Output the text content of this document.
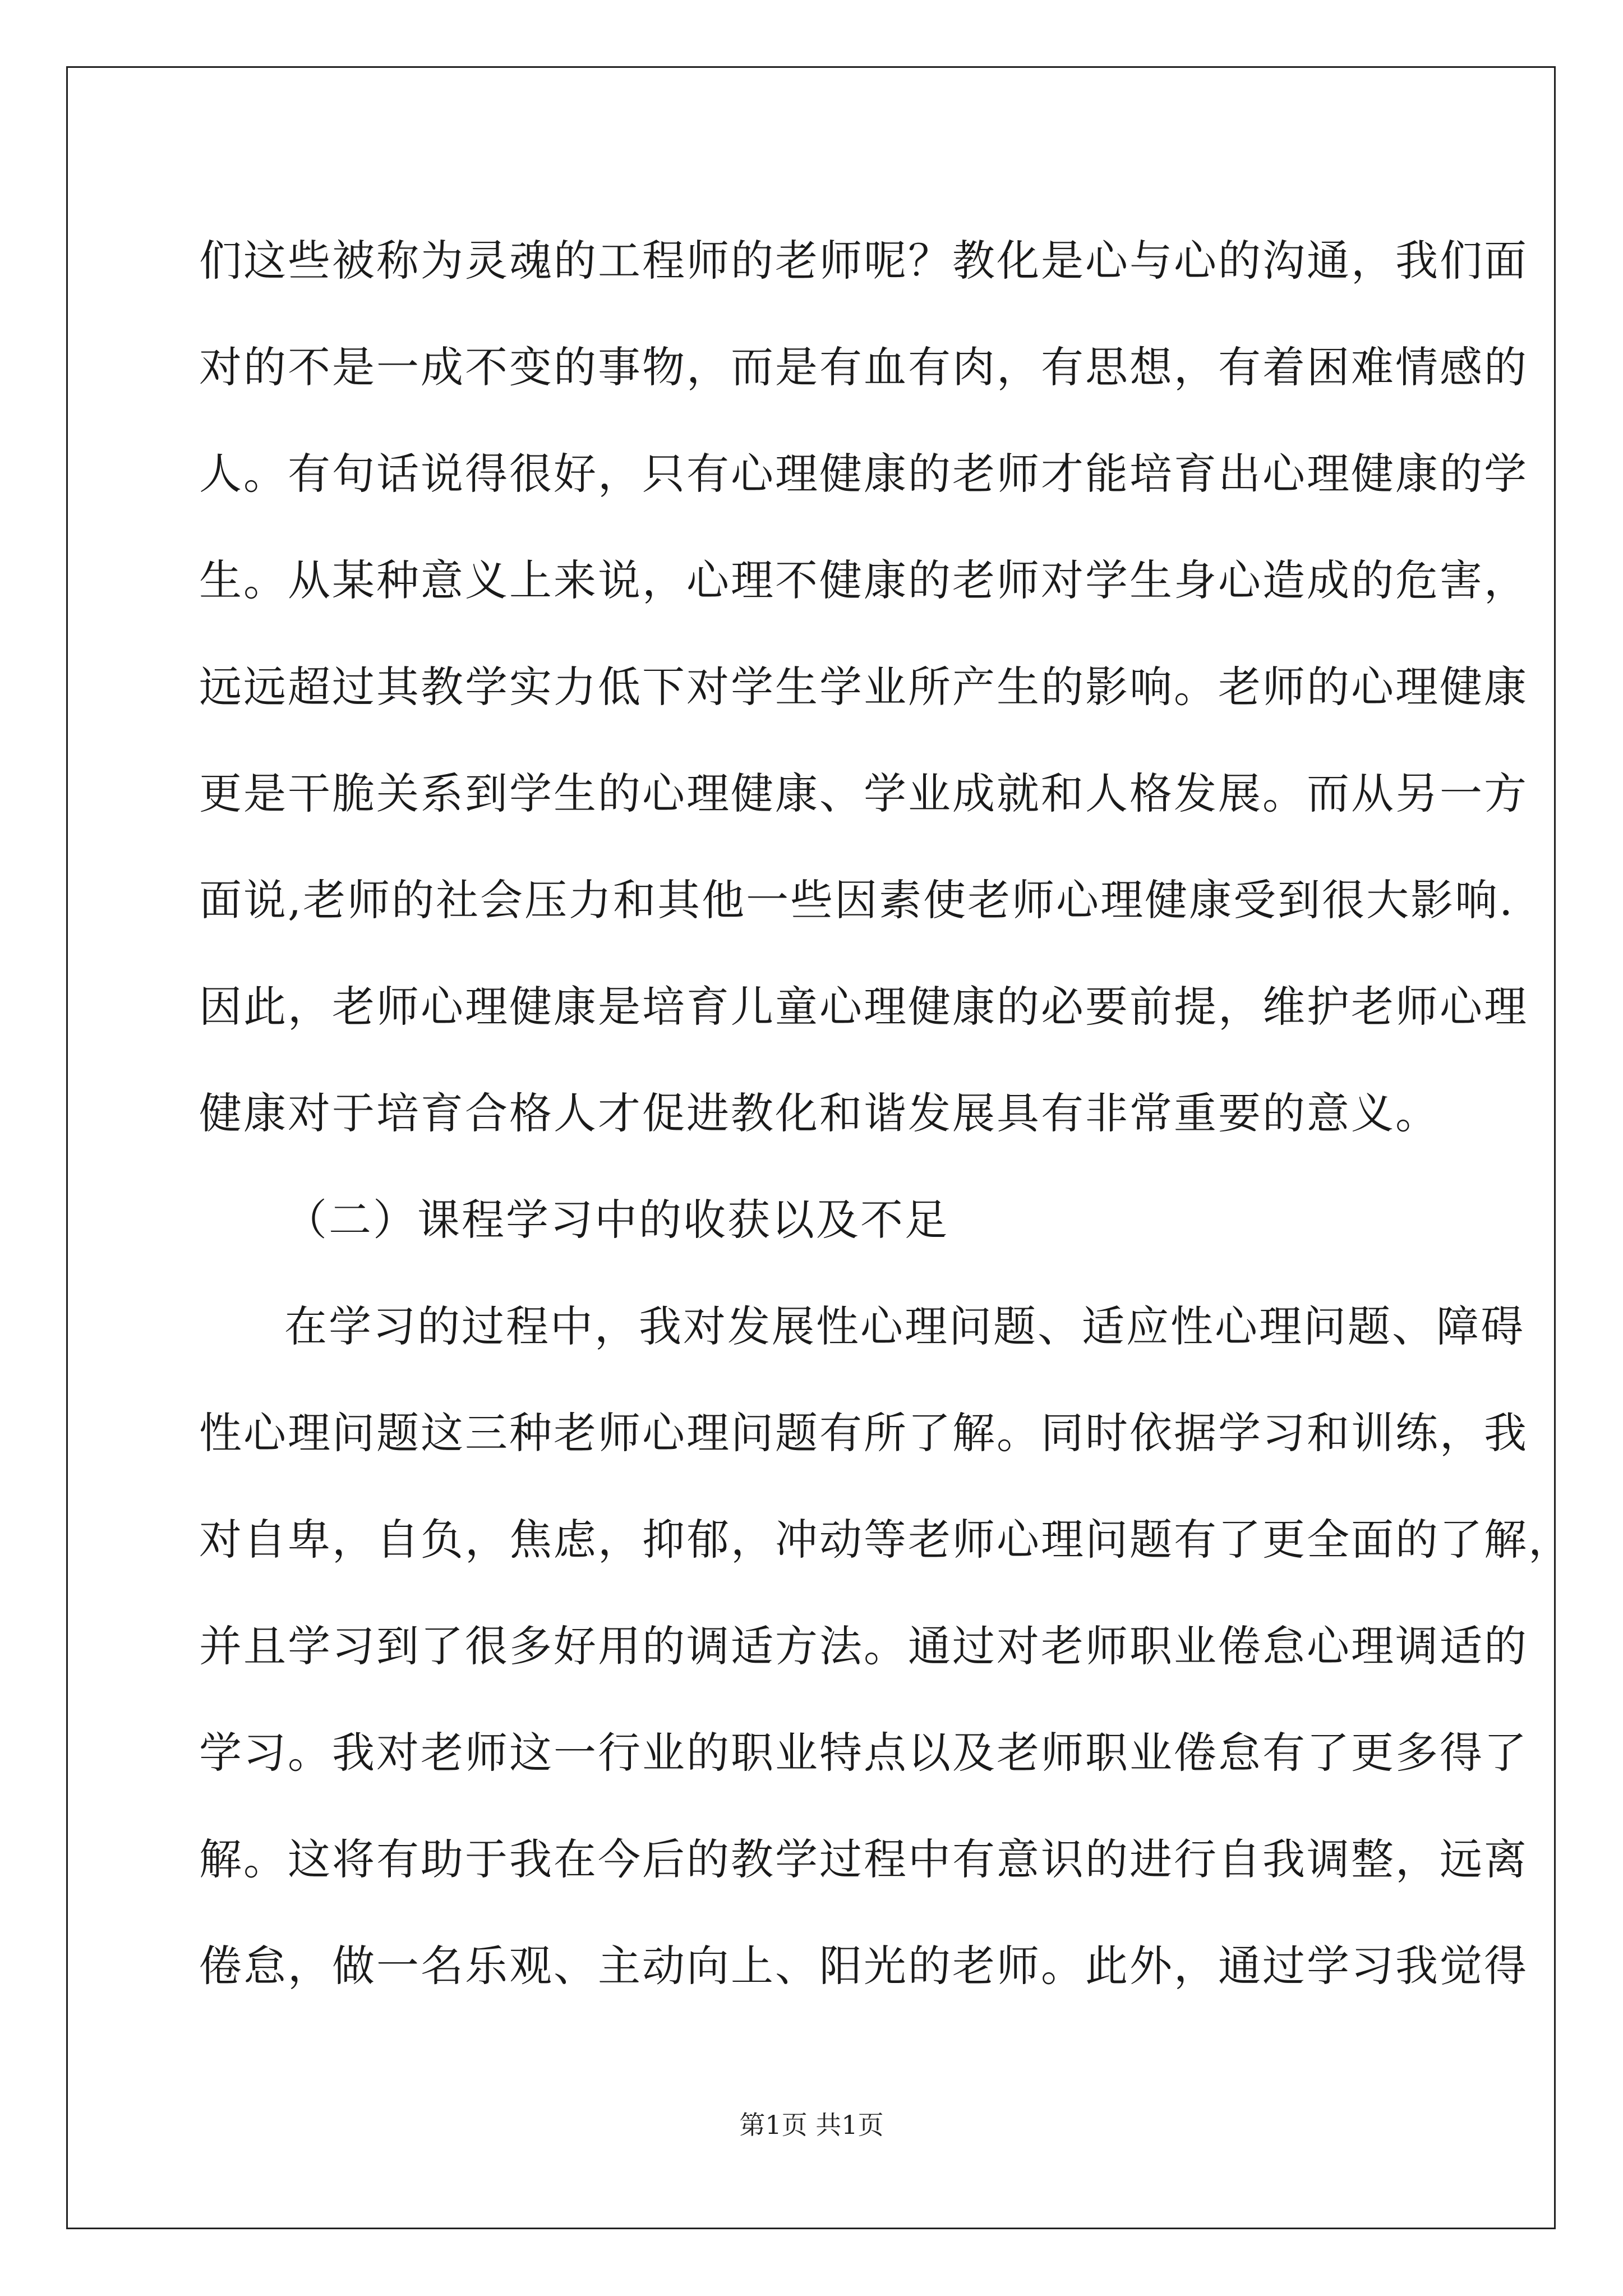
们这些被称为灵魂的工程师的老师呢？教化是心与心的沟通，我们面
对的不是一成不变的事物，而是有血有肉，有思想，有着困难情感的
人。有句话说得很好，只有心理健康的老师才能培育出心理健康的学
生。从某种意义上来说，心理不健康的老师对学生身心造成的危害，
远远超过其教学实力低下对学生学业所产生的影响。老师的心理健康
更是干脆关系到学生的心理健康、学业成就和人格发展。而从另一方
面说,老师的社会压力和其他一些因素使老师心理健康受到很大影响.
因此，老师心理健康是培育儿童心理健康的必要前提，维护老师心理
健康对于培育合格人才促进教化和谐发展具有非常重要的意义。
（二）课程学习中的收获以及不足
在学习的过程中，我对发展性心理问题、适应性心理问题、障碍
性心理问题这三种老师心理问题有所了解。同时依据学习和训练，我
对自卑，自负，焦虑，抑郁，冲动等老师心理问题有了更全面的了解，
并且学习到了很多好用的调适方法。通过对老师职业倦怠心理调适的
学习。我对老师这一行业的职业特点以及老师职业倦怠有了更多得了
解。这将有助于我在今后的教学过程中有意识的进行自我调整，远离
倦怠，做一名乐观、主动向上、阳光的老师。此外，通过学习我觉得
第1页 共1页
